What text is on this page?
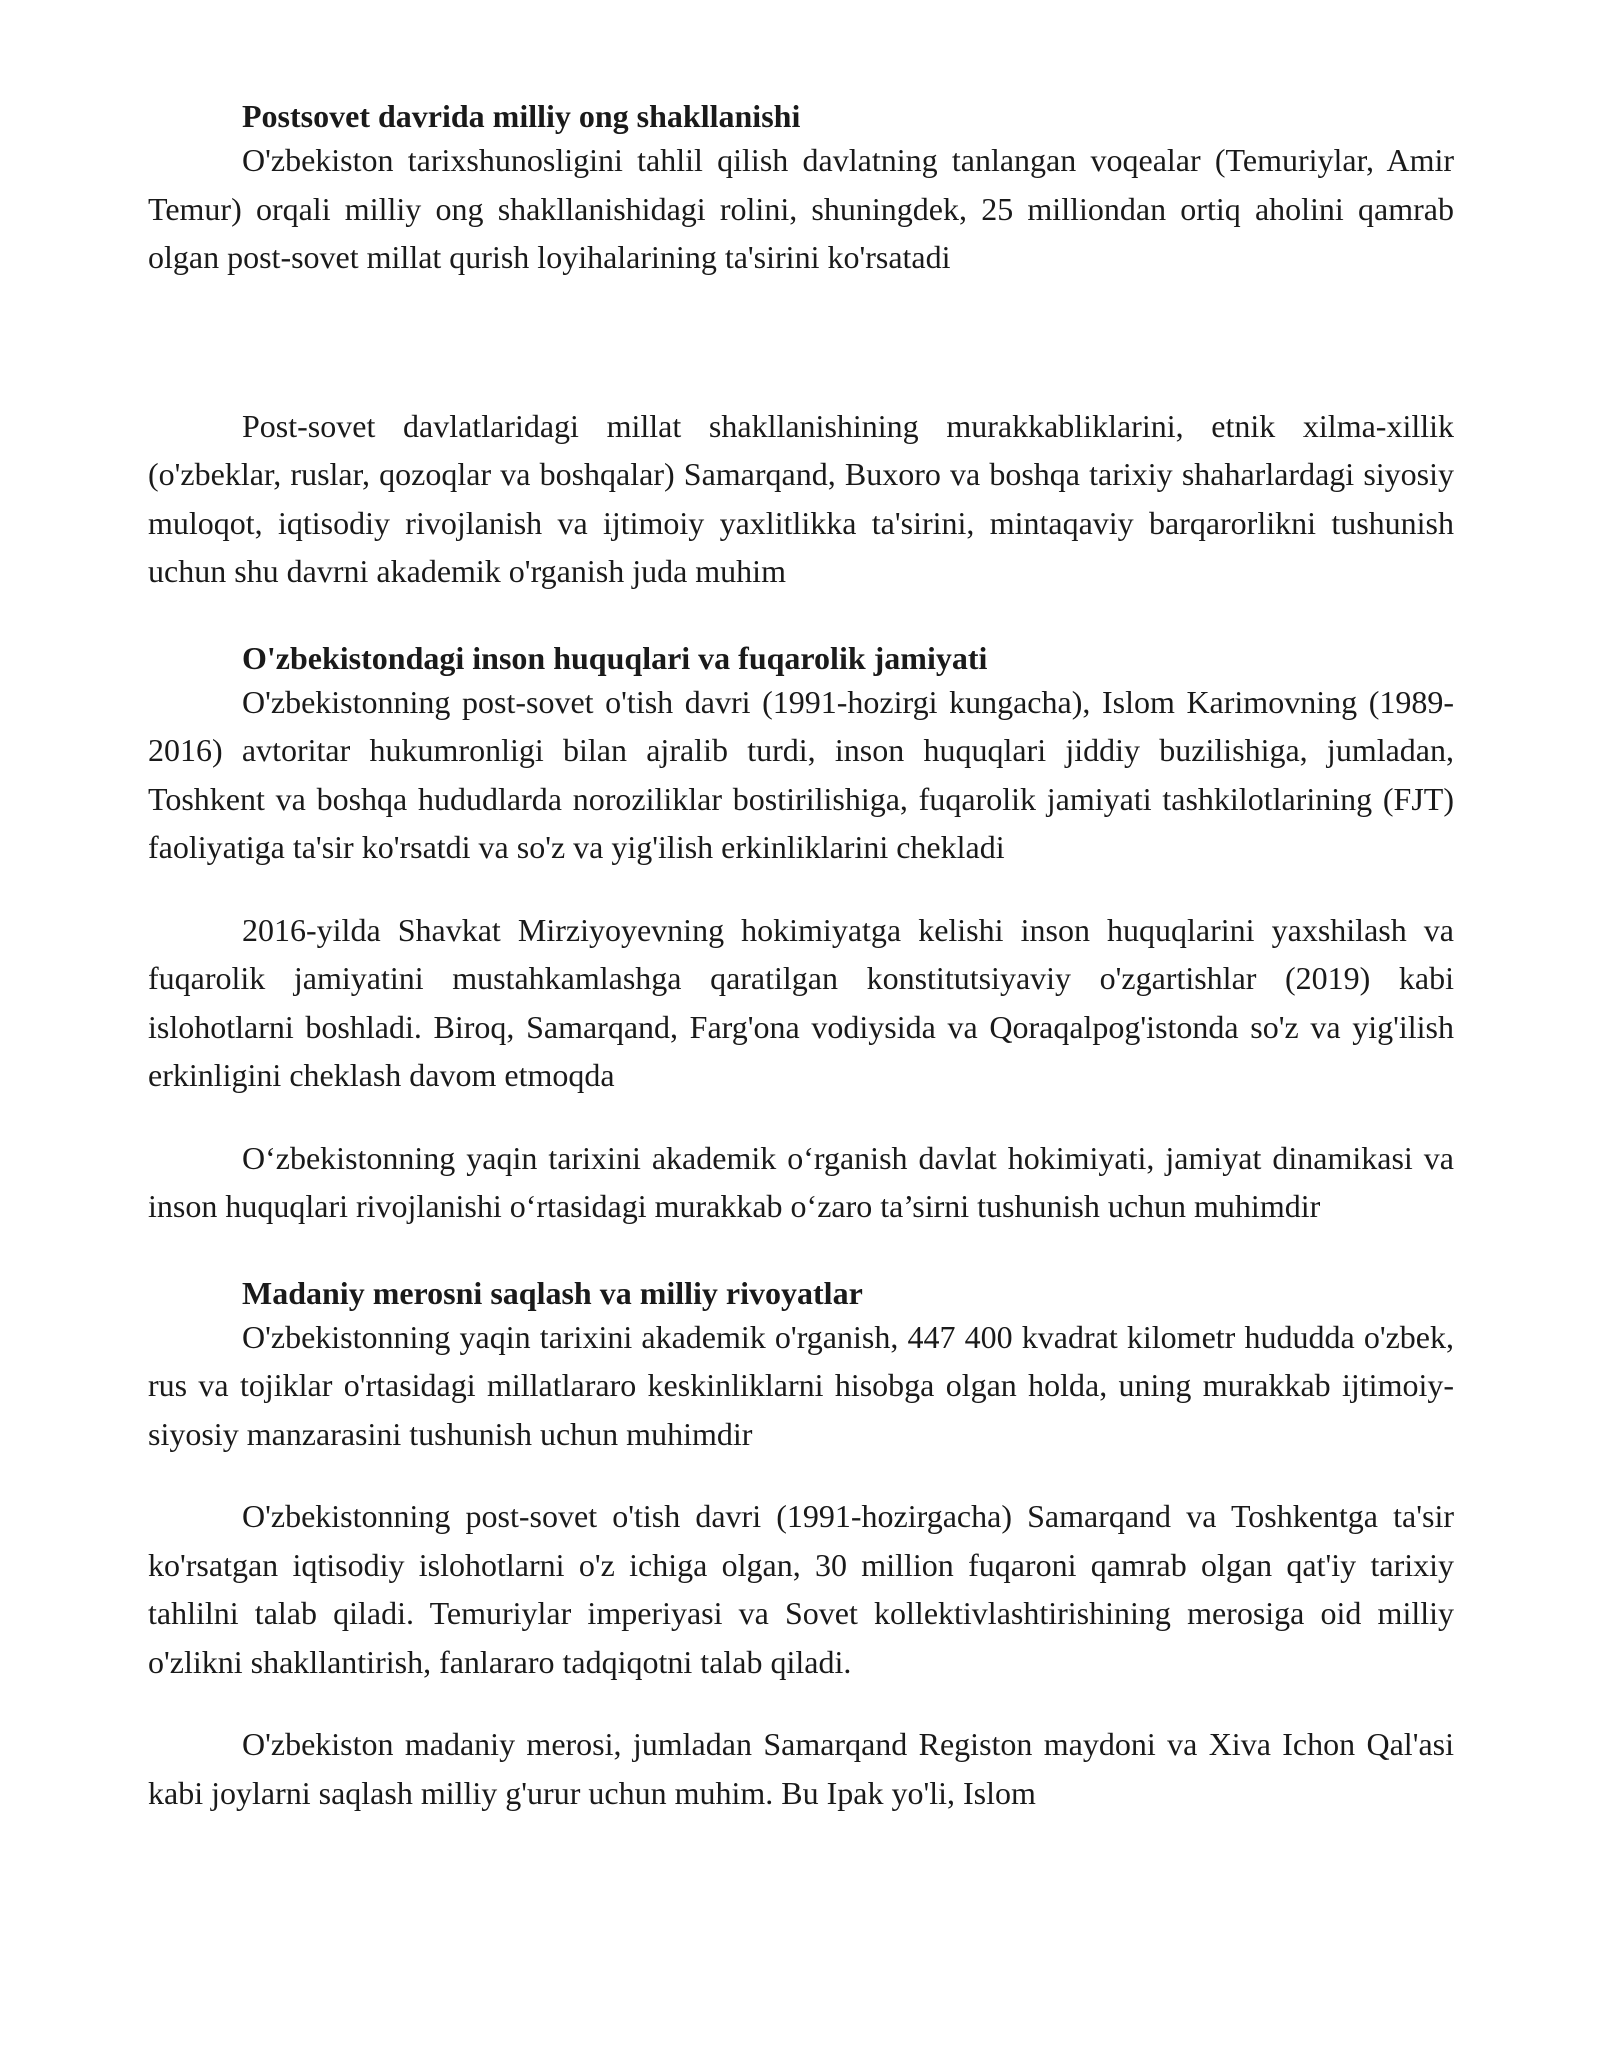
Postsovet davrida milliy ong shakllanishi

O'zbekiston tarixshunosligini tahlil qilish davlatning tanlangan voqealar (Temuriylar, Amir Temur) orqali milliy ong shakllanishidagi rolini, shuningdek, 25 milliondan ortiq aholini qamrab olgan post-sovet millat qurish loyihalarining ta'sirini ko'rsatadi

Post-sovet davlatlaridagi millat shakllanishining murakkabliklarini, etnik xilma-xillik (o'zbeklar, ruslar, qozoqlar va boshqalar) Samarqand, Buxoro va boshqa tarixiy shaharlardagi siyosiy muloqot, iqtisodiy rivojlanish va ijtimoiy yaxlitlikka ta'sirini, mintaqaviy barqarorlikni tushunish uchun shu davrni akademik o'rganish juda muhim

O'zbekistondagi inson huquqlari va fuqarolik jamiyati

O'zbekistonning post-sovet o'tish davri (1991-hozirgi kungacha), Islom Karimovning (1989-2016) avtoritar hukumronligi bilan ajralib turdi, inson huquqlari jiddiy buzilishiga, jumladan, Toshkent va boshqa hududlarda noroziliklar bostirilishiga, fuqarolik jamiyati tashkilotlarining (FJT) faoliyatiga ta'sir ko'rsatdi va so'z va yig'ilish erkinliklarini chekladi

2016-yilda Shavkat Mirziyoyevning hokimiyatga kelishi inson huquqlarini yaxshilash va fuqarolik jamiyatini mustahkamlashga qaratilgan konstitutsiyaviy o'zgartishlar (2019) kabi islohotlarni boshladi. Biroq, Samarqand, Farg'ona vodiysida va Qoraqalpog'istonda so'z va yig'ilish erkinligini cheklash davom etmoqda

O‘zbekistonning yaqin tarixini akademik o‘rganish davlat hokimiyati, jamiyat dinamikasi va inson huquqlari rivojlanishi o‘rtasidagi murakkab o‘zaro ta’sirni tushunish uchun muhimdir

Madaniy merosni saqlash va milliy rivoyatlar

O'zbekistonning yaqin tarixini akademik o'rganish, 447 400 kvadrat kilometr hududda o'zbek, rus va tojiklar o'rtasidagi millatlararo keskinliklarni hisobga olgan holda, uning murakkab ijtimoiy-siyosiy manzarasini tushunish uchun muhimdir

O'zbekistonning post-sovet o'tish davri (1991-hozirgacha) Samarqand va Toshkentga ta'sir ko'rsatgan iqtisodiy islohotlarni o'z ichiga olgan, 30 million fuqaroni qamrab olgan qat'iy tarixiy tahlilni talab qiladi. Temuriylar imperiyasi va Sovet kollektivlashtirishining merosiga oid milliy o'zlikni shakllantirish, fanlararo tadqiqotni talab qiladi.

O'zbekiston madaniy merosi, jumladan Samarqand Registon maydoni va Xiva Ichon Qal'asi kabi joylarni saqlash milliy g'urur uchun muhim. Bu Ipak yo'li, Islom
